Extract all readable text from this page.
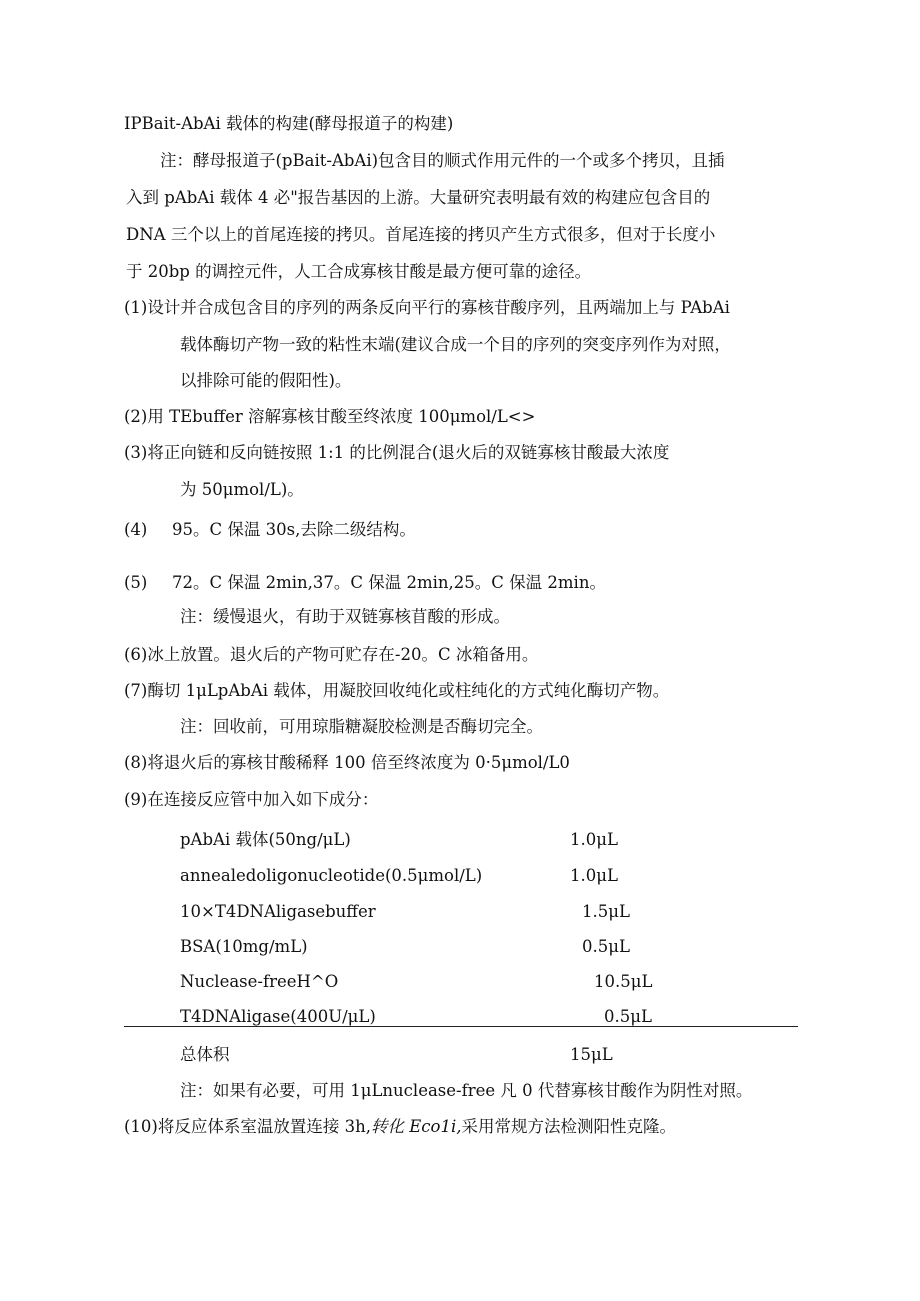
IPBait-AbAi 载体的构建(酵母报道子的构建)
注：酵母报道子(pBait-AbAi)包含目的顺式作用元件的一个或多个拷贝，且插
入到 pAbAi 载体 4 必"报告基因的上游。大量研究表明最有效的构建应包含目的
DNA 三个以上的首尾连接的拷贝。首尾连接的拷贝产生方式很多，但对于长度小
于 20bp 的调控元件，人工合成寡核甘酸是最方便可靠的途径。
(1)设计并合成包含目的序列的两条反向平行的寡核苷酸序列，且两端加上与 PAbAi
载体酶切产物一致的粘性末端(建议合成一个目的序列的突变序列作为对照，
以排除可能的假阳性)。
(2)用 TEbuffer 溶解寡核甘酸至终浓度 100μmol∕L<>
(3)将正向链和反向链按照 1:1 的比例混合(退火后的双链寡核甘酸最大浓度
为 50μmol∕L)。
(4) 95。C 保温 30s,去除二级结构。
(5) 72。C 保温 2min,37。C 保温 2min,25。C 保温 2min。
注：缓慢退火，有助于双链寡核苜酸的形成。
(6)冰上放置。退火后的产物可贮存在-20。C 冰箱备用。
(7)酶切 1μLpAbAi 载体，用凝胶回收纯化或柱纯化的方式纯化酶切产物。
注：回收前，可用琼脂糖凝胶检测是否酶切完全。
(8)将退火后的寡核甘酸稀释 100 倍至终浓度为 0·5μmol∕L0
(9)在连接反应管中加入如下成分：
pAbAi 载体(50ng∕μL)	1.0μL
annealedoligonucleotide(0.5μmol∕L)	1.0μL
10×T4DNAligasebuffer	1.5μL
BSA(10mg∕mL)	0.5μL
Nuclease-freeH^O	10.5μL
T4DNAligase(400U∕μL)	0.5μL
总体积	15μL
注：如果有必要，可用 1μLnuclease-free 凡 0 代替寡核甘酸作为阴性对照。
(10)将反应体系室温放置连接 3h,转化 Eco1i,采用常规方法检测阳性克隆。
